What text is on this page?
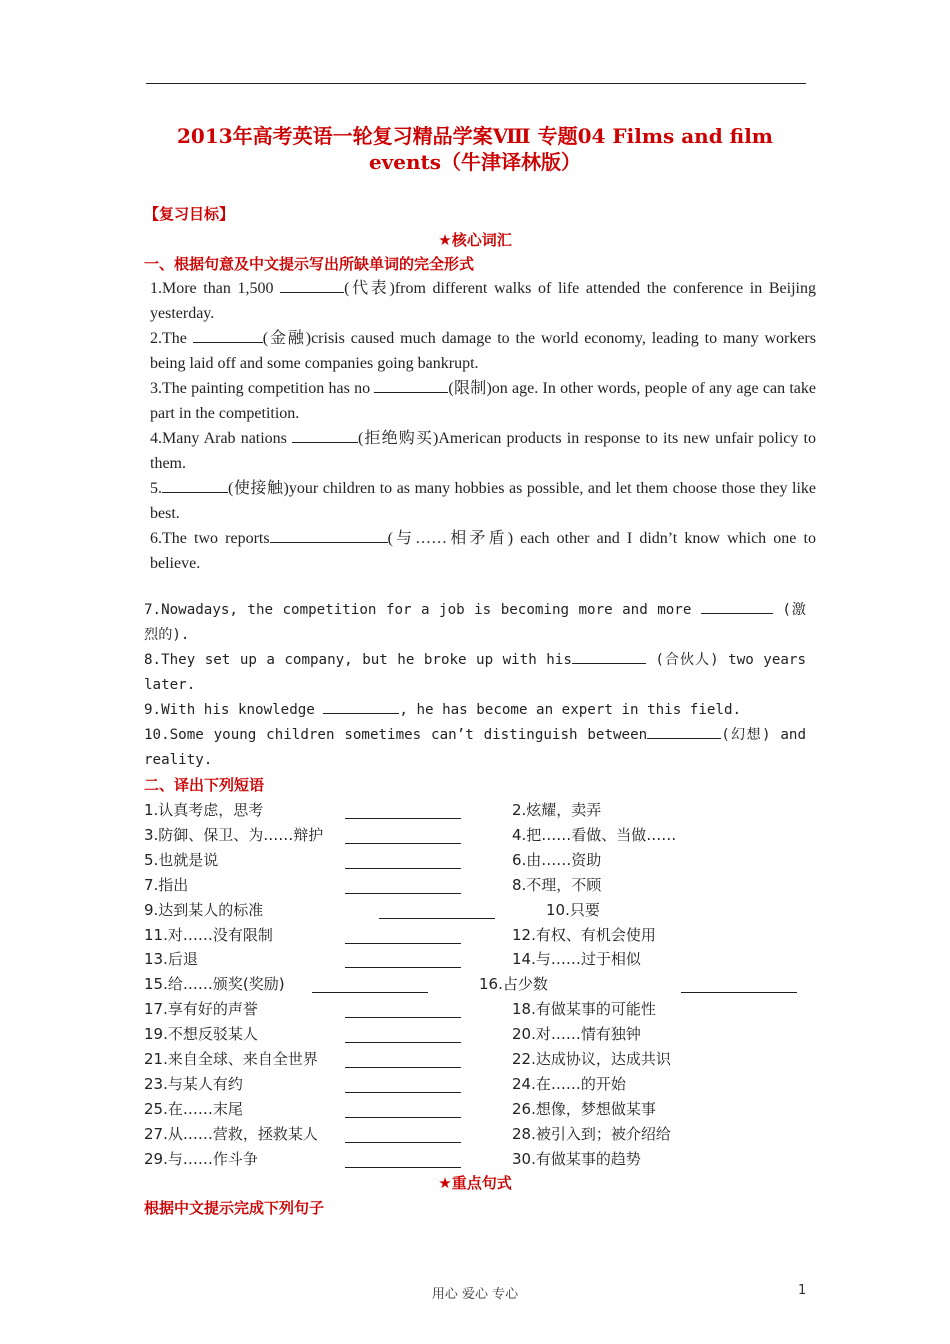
2013年高考英语一轮复习精品学案Ⅷ 专题04 Films and film
events（牛津译林版）
【复习目标】
★核心词汇
一、根据句意及中文提示写出所缺单词的完全形式

1.More than 1,500	(代表)from different walks of life attended the conference in Beijing yesterday.

2.The	(金融)crisis caused much damage to the world economy, leading to many workers being laid off and some companies going bankrupt.

3.The painting competition has no	(限制)on age. In other words, people of any age can take part in the competition.

4.Many Arab nations	(拒绝购买)American products in response to its new unfair policy to them.

5.	(使接触)your children to as many hobbies as possible, and let them choose those they like best.

6.The two reports	(与……相矛盾) each other and I didn’t know which one to believe.

7.Nowadays, the competition for a job is becoming more and more	(激烈的).

8.They set up a company, but he broke up with his	(合伙人) two years later.

9.With his knowledge	, he has become an expert in this field.

10.Some young children sometimes can’t distinguish between	(幻想) and reality.

二、译出下列短语
1.认真考虑，思考	2.炫耀，卖弄
3.防御、保卫、为……辩护	4.把……看做、当做……
5.也就是说	6.由……资助
7.指出	8.不理，不顾
9.达到某人的标准	10.只要
11.对……没有限制	12.有权、有机会使用
13.后退	14.与……过于相似
15.给……颁奖(奖励)	16.占少数
17.享有好的声誉	18.有做某事的可能性
19.不想反驳某人	20.对……情有独钟
21.来自全球、来自全世界	22.达成协议，达成共识
23.与某人有约	24.在……的开始
25.在……末尾	26.想像，梦想做某事
27.从……营救，拯救某人	28.被引入到；被介绍给
29.与……作斗争	30.有做某事的趋势
★重点句式
根据中文提示完成下列句子
用心 爱心 专心	1
